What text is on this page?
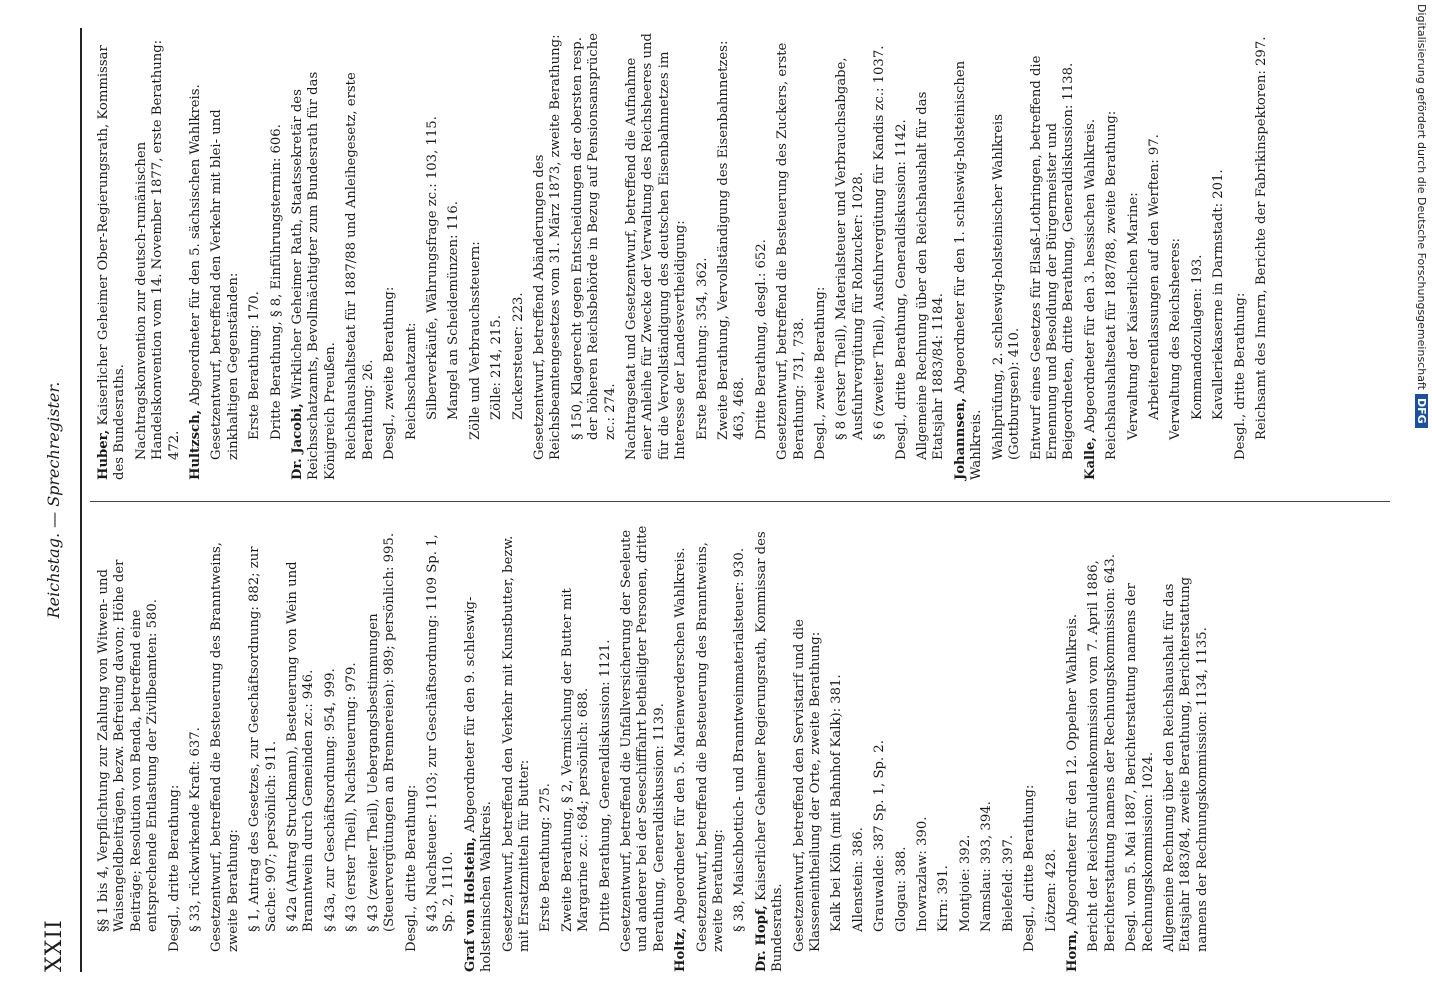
XXII
Reichstag. — Sprechregister.
§§ 1 bis 4, Verpflichtung zur Zahlung von Witwen- und Waisengeldbeiträgen, bezw. Befreiung davon; Höhe der Beiträge; Resolution von Benda, betreffend eine entsprechende Entlastung der Zivilbeamten: 580. Desgl., dritte Berathung: § 33, rückwirkende Kraft: 637. Gesetzentwurf, betreffend die Besteuerung des Branntweins, zweite Berathung: § 1, Antrag des Gesetzes, zur Geschäftsordnung: 882; zur Sache: 907; persönlich: 911. § 42a (Antrag Struckmann), Besteuerung von Wein und Branntwein durch Gemeinden zc.: 946. § 43a, zur Geschäftsordnung: 954, 999. § 43 (erster Theil), Nachsteuerung: 979. § 43 (zweiter Theil), Uebergangsbestimmungen (Steuervergütungen an Brennereien): 989; persönlich: 995. Desgl., dritte Berathung: § 43, Nachsteuer: 1103; zur Geschäftsordnung: 1109 Sp. 1, Sp. 2, 1110. Graf von Holstein, Abgeordneter für den 9. schleswig-holsteinischen Wahlkreis. Gesetzentwurf, betreffend den Verkehr mit Kunstbutter, bezw. mit Ersatzmitteln für Butter: Erste Berathung: 275. Zweite Berathung, § 2, Vermischung der Butter mit Margarine zc.: 684; persönlich: 688. Dritte Berathung, Generaldiskussion: 1121. Gesetzentwurf, betreffend die Unfallversicherung der Seeleute und anderer bei der Seeschifffahrt betheiligter Personen, dritte Berathung, Generaldiskussion: 1139. Holtz, Abgeordneter für den 5. Marienwerderschen Wahlkreis. Gesetzentwurf, betreffend die Besteuerung des Branntweins, zweite Berathung: § 38, Maischbottich- und Branntweinmaterialsteuer: 930.
Dr. Hopf, Kaiserlicher Geheimer Regierungsrath, Kommissar des Bundesraths. Gesetzentwurf, betreffend den Servistarif und die Klasseneintheilung der Orte, zweite Berathung: Kalk bei Köln (mit Bahnhof Kalk): 381. Allenstein: 386. Grauwalde: 387 Sp. 1, Sp. 2. Glogau: 388. Inowrazlaw: 390. Kirn: 391. Montjoie: 392. Namslau: 393, 394. Bielefeld: 397. Desgl., dritte Berathung: Lötzen: 428.
Horn, Abgeordneter für den 12. Oppelner Wahlkreis. Bericht der Reichsschuldenkommission vom 7. April 1886, Berichterstattung namens der Rechnungskommission: 643. Desgl. vom 5. Mai 1887, Berichterstattung namens der Rechnungskommission: 1024. Allgemeine Rechnung über den Reichshaushalt für das Etatsjahr 1883/84, zweite Berathung, Berichterstattung namens der Rechnungskommission: 1134, 1135.
Huber, Kaiserlicher Geheimer Ober-Regierungsrath, Kommissar des Bundesraths. Nachtragskonvention zur deutsch-rumänischen Handelskonvention vom 14. November 1877, erste Berathung: 472. Hultzsch, Abgeordneter für den 5. sächsischen Wahlkreis. Gesetzentwurf, betreffend den Verkehr mit blei- und zinkhaltigen Gegenständen: Erste Berathung: 170. Dritte Berathung, § 8, Einführungstermin: 606.
Dr. Jacobi, Wirklicher Geheimer Rath, Staatssekretär des Reichsschatzamts, Bevollmächtigter zum Bundesrath für das Königreich Preußen. Reichshaushaltsetat für 1887/88 und Anleihegesetz, erste Berathung: 26. Desgl., zweite Berathung: Reichsschatzamt: Silberverkäufe, Währungsfrage zc.: 103, 115. Mangel an Scheidemünzen: 116. Zölle und Verbrauchssteuern: Zölle: 214, 215. Zuckersteuer: 223. Gesetzentwurf, betreffend Abänderungen des Reichsbeamtengesetzes vom 31. März 1873, zweite Berathung: § 150, Klagerecht gegen Entscheidungen der obersten resp. der höheren Reichsbehörde in Bezug auf Pensionsansprüche zc.: 274. Nachtragsetat und Gesetzentwurf, betreffend die Aufnahme einer Anleihe für Zwecke der Verwaltung des Reichsheeres und für die Vervollständigung des deutschen Eisenbahnnetzes im Interesse der Landesvertheidigung: Erste Berathung: 354, 362. Zweite Berathung, Vervollständigung des Eisenbahnnetzes: 463, 468. Dritte Berathung, desgl.: 652. Gesetzentwurf, betreffend die Besteuerung des Zuckers, erste Berathung: 731, 738. Desgl., zweite Berathung: § 8 (erster Theil), Materialsteuer und Verbrauchsabgabe, Ausfuhrvergütung für Rohzucker: 1028. § 6 (zweiter Theil), Ausfuhrvergütung für Kandis zc.: 1037. Desgl., dritte Berathung, Generaldiskussion: 1142. Allgemeine Rechnung über den Reichshaushalt für das Etatsjahr 1883/84: 1184. Johannsen, Abgeordneter für den 1. schleswig-holsteinischen Wahlkreis. Wahlprüfung, 2. schleswig-holsteinischer Wahlkreis (Gottburgsen): 410. Entwurf eines Gesetzes für Elsaß-Lothringen, betreffend die Ernennung und Besoldung der Bürgermeister und Beigeordneten, dritte Berathung, Generaldiskussion: 1138. Kalle, Abgeordneter für den 3. hessischen Wahlkreis. Reichshaushaltsetat für 1887/88, zweite Berathung: Verwaltung der Kaiserlichen Marine: Arbeiterentlassungen auf den Werften: 97. Verwaltung des Reichsheeres: Kommandozulagen: 193. Kavalleriekaserne in Darmstadt: 201. Desgl., dritte Berathung: Reichsamt des Innern, Berichte der Fabrikinspektoren: 297.	Digitalisierung gefördert durch die Deutsche ForschungsgemeinschaftDFG
